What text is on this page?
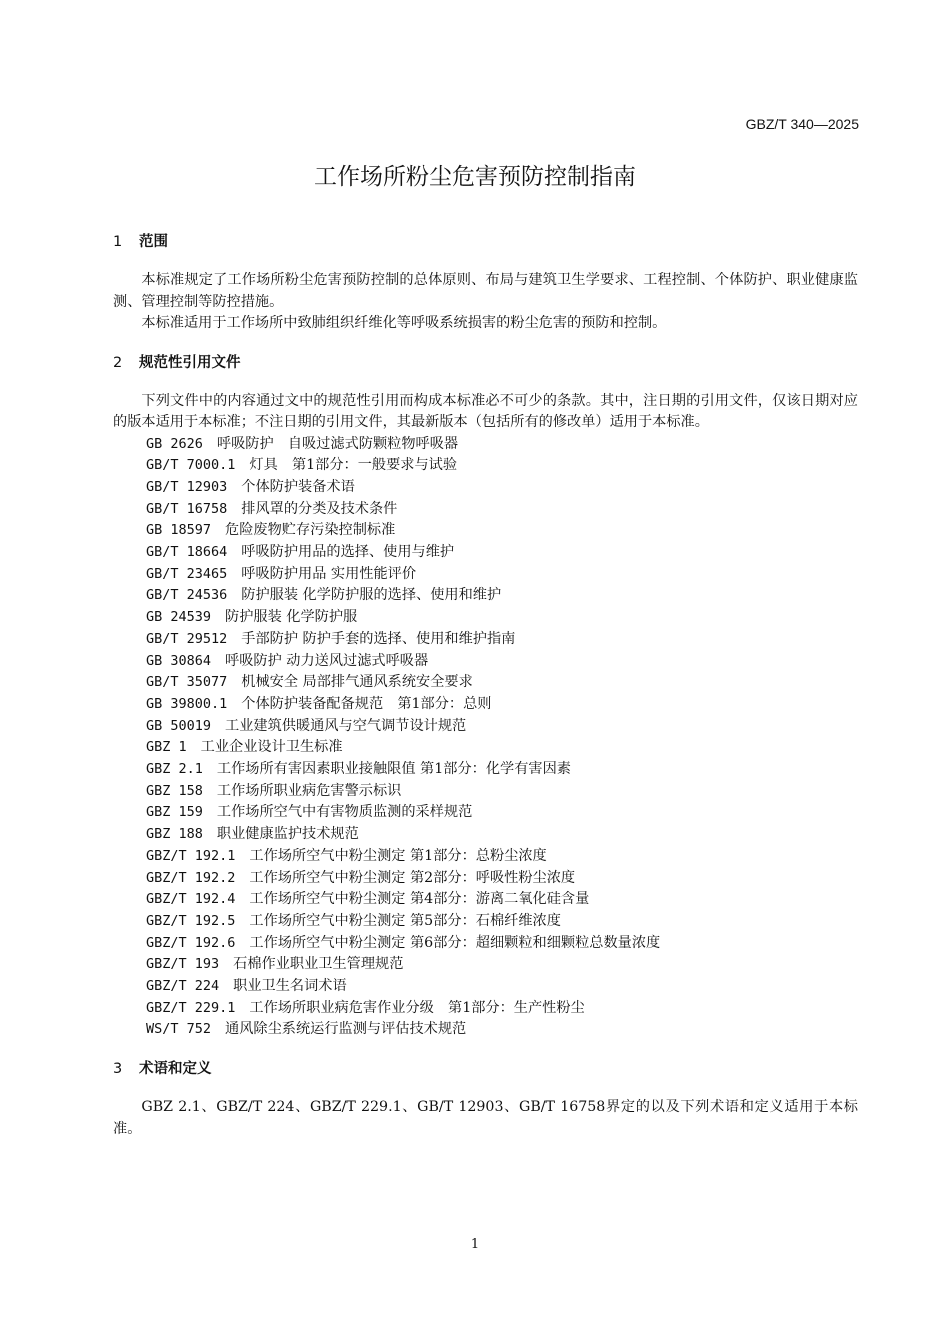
GBZ/T 340—2025
工作场所粉尘危害预防控制指南
1 范围

本标准规定了工作场所粉尘危害预防控制的总体原则、布局与建筑卫生学要求、工程控制、个体防护、职业健康监测、管理控制等防控措施。

本标准适用于工作场所中致肺组织纤维化等呼吸系统损害的粉尘危害的预防和控制。

2 规范性引用文件

下列文件中的内容通过文中的规范性引用而构成本标准必不可少的条款。其中，注日期的引用文件，仅该日期对应的版本适用于本标准；不注日期的引用文件，其最新版本（包括所有的修改单）适用于本标准。

GB 2626 呼吸防护　自吸过滤式防颗粒物呼吸器
GB/T 7000.1 灯具　第1部分：一般要求与试验
GB/T 12903 个体防护装备术语
GB/T 16758 排风罩的分类及技术条件
GB 18597 危险废物贮存污染控制标准
GB/T 18664 呼吸防护用品的选择、使用与维护
GB/T 23465 呼吸防护用品 实用性能评价
GB/T 24536 防护服装 化学防护服的选择、使用和维护
GB 24539 防护服装 化学防护服
GB/T 29512 手部防护 防护手套的选择、使用和维护指南
GB 30864 呼吸防护 动力送风过滤式呼吸器
GB/T 35077 机械安全 局部排气通风系统安全要求
GB 39800.1 个体防护装备配备规范　第1部分：总则
GB 50019 工业建筑供暖通风与空气调节设计规范
GBZ 1 工业企业设计卫生标准
GBZ 2.1 工作场所有害因素职业接触限值 第1部分：化学有害因素
GBZ 158 工作场所职业病危害警示标识
GBZ 159 工作场所空气中有害物质监测的采样规范
GBZ 188 职业健康监护技术规范
GBZ/T 192.1 工作场所空气中粉尘测定 第1部分：总粉尘浓度
GBZ/T 192.2 工作场所空气中粉尘测定 第2部分：呼吸性粉尘浓度
GBZ/T 192.4 工作场所空气中粉尘测定 第4部分：游离二氧化硅含量
GBZ/T 192.5 工作场所空气中粉尘测定 第5部分：石棉纤维浓度
GBZ/T 192.6 工作场所空气中粉尘测定 第6部分：超细颗粒和细颗粒总数量浓度
GBZ/T 193 石棉作业职业卫生管理规范
GBZ/T 224 职业卫生名词术语
GBZ/T 229.1 工作场所职业病危害作业分级　第1部分：生产性粉尘
WS/T 752 通风除尘系统运行监测与评估技术规范
3 术语和定义

GBZ 2.1、GBZ/T 224、GBZ/T 229.1、GB/T 12903、GB/T 16758界定的以及下列术语和定义适用于本标准。

1
